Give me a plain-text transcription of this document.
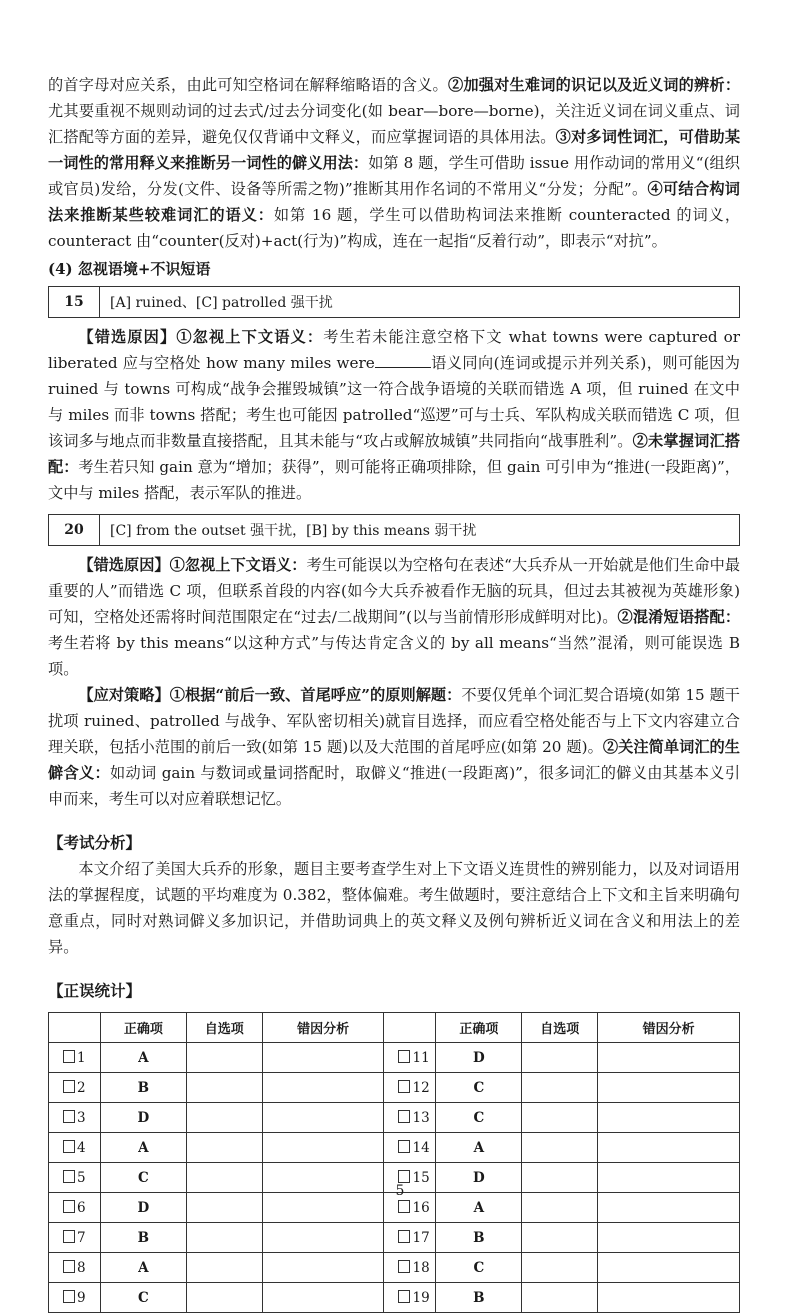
的首字母对应关系，由此可知空格词在解释缩略语的含义。②加强对生难词的识记以及近义词的辨析：尤其要重视不规则动词的过去式/过去分词变化(如 bear—bore—borne)，关注近义词在词义重点、词汇搭配等方面的差异，避免仅仅背诵中文释义，而应掌握词语的具体用法。③对多词性词汇，可借助某一词性的常用释义来推断另一词性的僻义用法：如第 8 题，学生可借助 issue 用作动词的常用义“(组织或官员)发给，分发(文件、设备等所需之物)”推断其用作名词的不常用义“分发；分配”。④可结合构词法来推断某些较难词汇的语义：如第 16 题，学生可以借助构词法来推断 counteracted 的词义，counteract 由“counter(反对)+act(行为)”构成，连在一起指“反着行动”，即表示“对抗”。

(4) 忽视语境+不识短语
15	[A] ruined、[C] patrolled 强干扰

【错选原因】①忽视上下文语义：考生若未能注意空格下文 what towns were captured or liberated 应与空格处 how many miles were	语义同向(连词或提示并列关系)，则可能因为 ruined 与 towns 可构成“战争会摧毁城镇”这一符合战争语境的关联而错选 A 项，但 ruined 在文中与 miles 而非 towns 搭配；考生也可能因 patrolled“巡逻”可与士兵、军队构成关联而错选 C 项，但该词多与地点而非数量直接搭配，且其未能与“攻占或解放城镇”共同指向“战事胜利”。②未掌握词汇搭配：考生若只知 gain 意为“增加；获得”，则可能将正确项排除，但 gain 可引申为“推进(一段距离)”，文中与 miles 搭配，表示军队的推进。

20	[C] from the outset 强干扰，[B] by this means 弱干扰

【错选原因】①忽视上下文语义：考生可能误以为空格句在表述“大兵乔从一开始就是他们生命中最重要的人”而错选 C 项，但联系首段的内容(如今大兵乔被看作无脑的玩具，但过去其被视为英雄形象)可知，空格处还需将时间范围限定在“过去/二战期间”(以与当前情形形成鲜明对比)。②混淆短语搭配：考生若将 by this means“以这种方式”与传达肯定含义的 by all means“当然”混淆，则可能误选 B 项。

【应对策略】①根据“前后一致、首尾呼应”的原则解题：不要仅凭单个词汇契合语境(如第 15 题干扰项 ruined、patrolled 与战争、军队密切相关)就盲目选择，而应看空格处能否与上下文内容建立合理关联，包括小范围的前后一致(如第 15 题)以及大范围的首尾呼应(如第 20 题)。②关注简单词汇的生僻含义：如动词 gain 与数词或量词搭配时，取僻义“推进(一段距离)”，很多词汇的僻义由其基本义引申而来，考生可以对应着联想记忆。

【考试分析】

本文介绍了美国大兵乔的形象，题目主要考查学生对上下文语义连贯性的辨别能力，以及对词语用法的掌握程度，试题的平均难度为 0.382，整体偏难。考生做题时，要注意结合上下文和主旨来明确句意重点，同时对熟词僻义多加识记，并借助词典上的英文释义及例句辨析近义词在含义和用法上的差异。

【正误统计】
	正确项	自选项	错因分析		正确项	自选项	错因分析
1	A			11	D		
2	B			12	C		
3	D			13	C		
4	A			14	A		
5	C			15	D		
6	D			16	A		
7	B			17	B		
8	A			18	C		
9	C			19	B		
5
